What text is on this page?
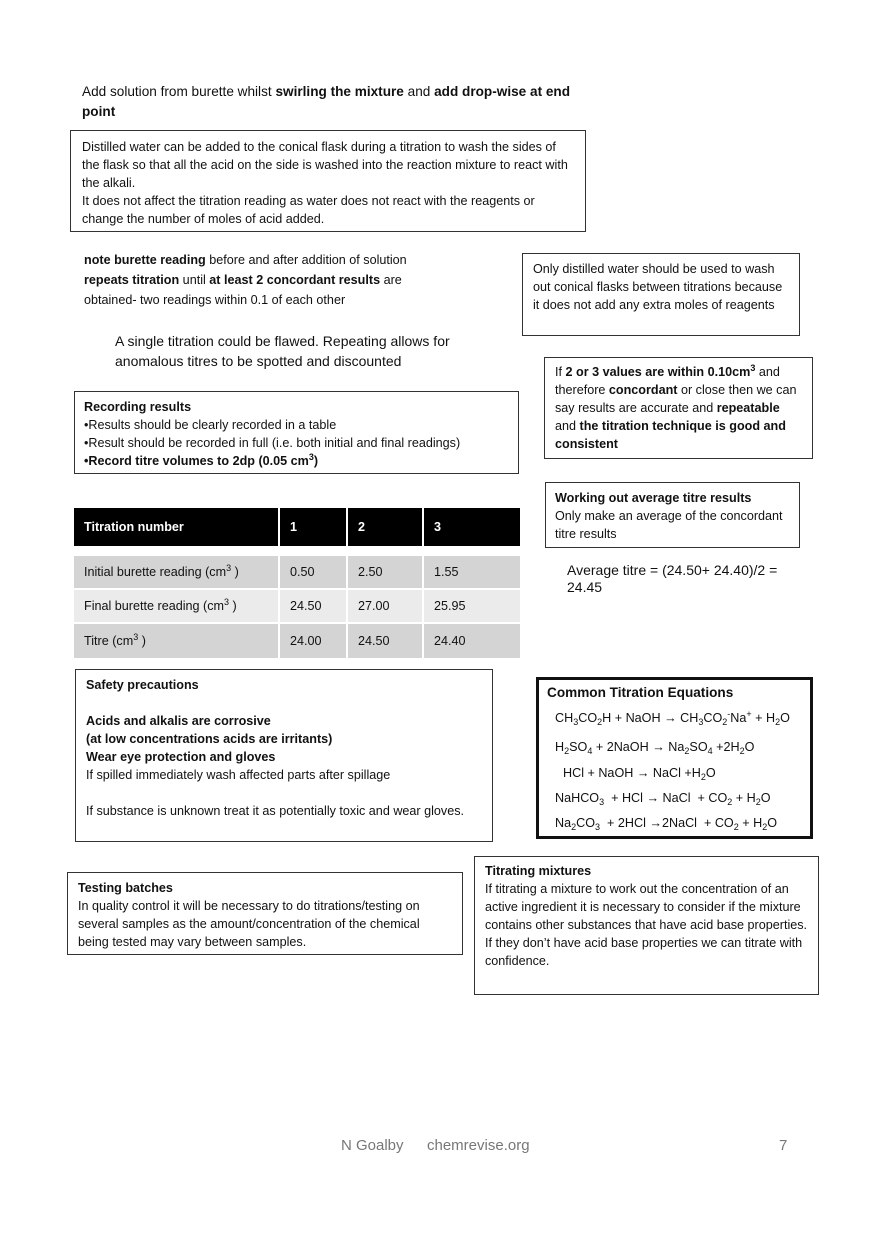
Add solution from burette whilst swirling the mixture and add drop-wise at end point
Distilled water can be added to the conical flask during a titration to wash the sides of the flask so that all the acid on the side is washed into the reaction mixture to react with the alkali.
It does not affect the titration reading as water does not react with the reagents or change the number of moles of acid added.
note burette reading before and after addition of solution
repeats titration until at least 2 concordant results are obtained- two readings within 0.1 of each other
A single titration could be flawed. Repeating allows for anomalous titres to be spotted and discounted
Only distilled water should be used to wash out conical flasks between titrations because it does not add any extra moles of reagents
If 2 or 3 values are within $0.10cm^3$ and therefore concordant or close then we can say results are accurate and repeatable and the titration technique is good and consistent
Recording results
•Results should be clearly recorded in a table
•Result should be recorded in full (i.e. both initial and final readings)
•Record titre volumes to 2dp (0.05 $cm^3$)
Working out average titre results
Only make an average of the concordant titre results
Average titre = (24.50+ 24.40)/2 = 24.45
Titration number	1	2	3

Initial burette reading ($cm^3$ )	0.50	2.50	1.55
Final burette reading ($cm^3$ )	24.50	27.00	25.95
Titre ($cm^3$ )	24.00	24.50	24.40
Safety precautions
Acids and alkalis are corrosive
(at low concentrations acids are irritants)
Wear eye protection and gloves
If spilled immediately wash affected parts after spillage
If substance is unknown treat it as potentially toxic and wear gloves.
Common Titration Equations
$CH_3CO_2H$ + NaOH → $CH_3CO_2^-Na^+ + H_2O$
$H_2SO_4$ + 2NaOH → $Na_2SO_4 +2H_2O$
HCl + NaOH → NaCl $+H_2O$
NaHCO$_3$  + HCl → NaCl  + $CO_2 + H_2O$
$Na_2CO_3 + 2HCl$ →2NaCl  + $CO_2 + H_2O$
Testing batches
In quality control it will be necessary to do titrations/testing on several samples as the amount/concentration of the chemical being tested may vary between samples.
Titrating mixtures
If titrating a mixture to work out the concentration of an active ingredient it is necessary to consider if the mixture contains other substances that have acid base properties.
If they don’t have acid base properties we can titrate with confidence.
N Goalby chemrevise.org	7
